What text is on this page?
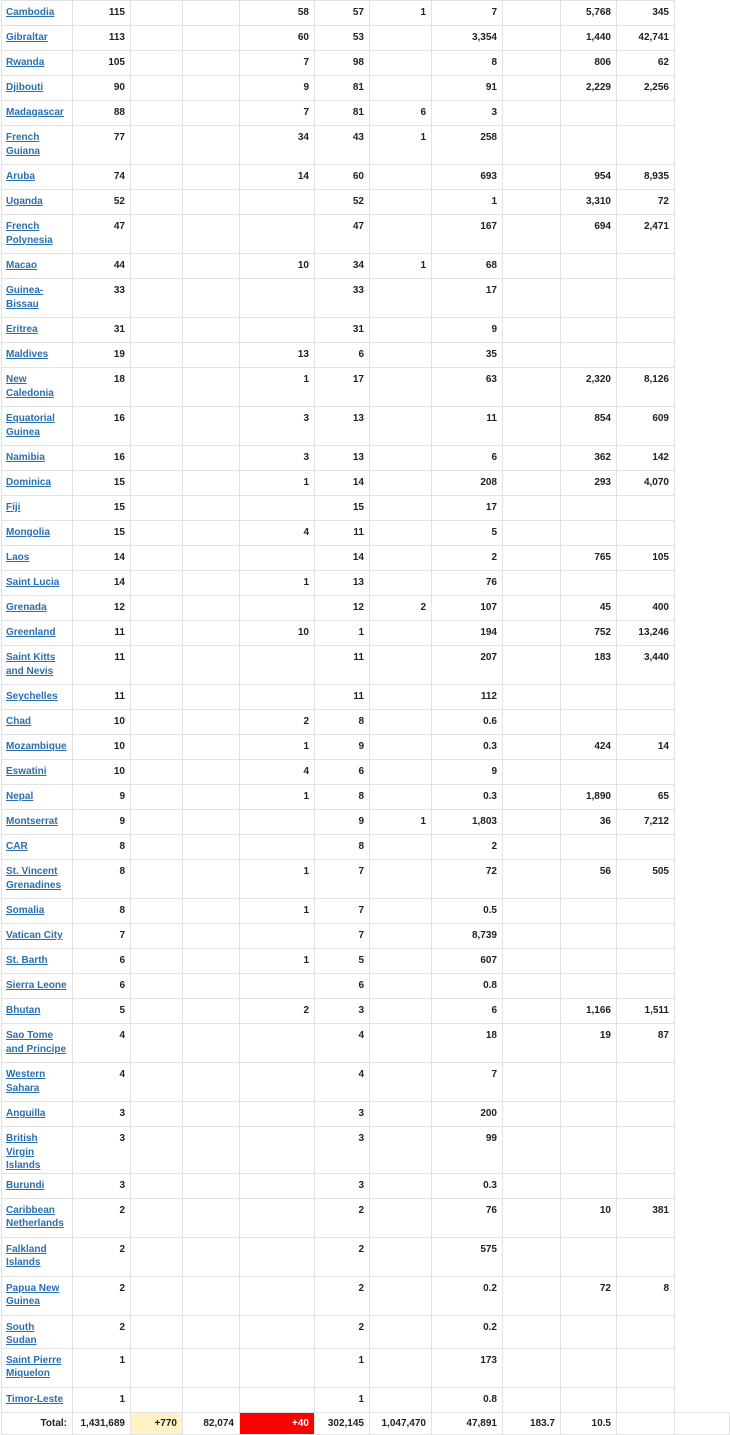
Cambodia	115			58	57	1	7		5,768	345	
Gibraltar	113			60	53		3,354		1,440	42,741	
Rwanda	105			7	98		8		806	62	
Djibouti	90			9	81		91		2,229	2,256	
Madagascar	88			7	81	6	3				
French Guiana	77			34	43	1	258				
Aruba	74			14	60		693		954	8,935	
Uganda	52				52		1		3,310	72	
French Polynesia	47				47		167		694	2,471	
Macao	44			10	34	1	68				
Guinea-Bissau	33				33		17				
Eritrea	31				31		9				
Maldives	19			13	6		35				
New Caledonia	18			1	17		63		2,320	8,126	
Equatorial Guinea	16			3	13		11		854	609	
Namibia	16			3	13		6		362	142	
Dominica	15			1	14		208		293	4,070	
Fiji	15				15		17				
Mongolia	15			4	11		5				
Laos	14				14		2		765	105	
Saint Lucia	14			1	13		76				
Grenada	12				12	2	107		45	400	
Greenland	11			10	1		194		752	13,246	
Saint Kitts and Nevis	11				11		207		183	3,440	
Seychelles	11				11		112				
Chad	10			2	8		0.6				
Mozambique	10			1	9		0.3		424	14	
Eswatini	10			4	6		9				
Nepal	9			1	8		0.3		1,890	65	
Montserrat	9				9	1	1,803		36	7,212	
CAR	8				8		2				
St. Vincent Grenadines	8			1	7		72		56	505	
Somalia	8			1	7		0.5				
Vatican City	7				7		8,739				
St. Barth	6			1	5		607				
Sierra Leone	6				6		0.8				
Bhutan	5			2	3		6		1,166	1,511	
Sao Tome and Principe	4				4		18		19	87	
Western Sahara	4				4		7				
Anguilla	3				3		200				
British Virgin Islands	3				3		99				
Burundi	3				3		0.3				
Caribbean Netherlands	2				2		76		10	381	
Falkland Islands	2				2		575				
Papua New Guinea	2				2		0.2		72	8	
South Sudan	2				2		0.2				
Saint Pierre Miquelon	1				1		173				
Timor-Leste	1				1		0.8				
Total:	1,431,689	+770	82,074	+40	302,145	1,047,470	47,891	183.7	10.5		
